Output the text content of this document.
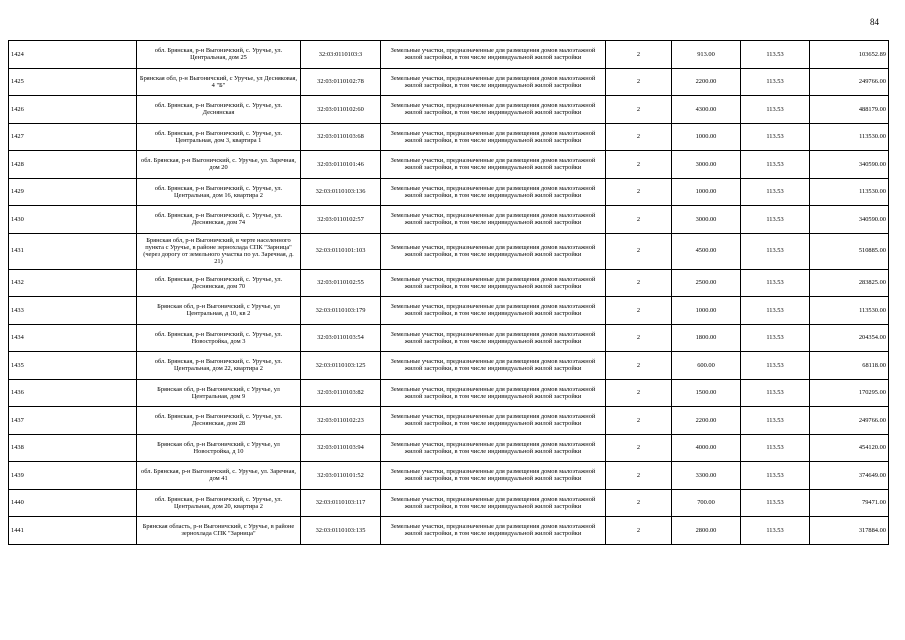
84
1424		обл. Брянская, р-н Выгоничский, с. Уручье, ул. Центральная, дом 25	32:03:0110103:3	Земельные участки, предназначенные для размещения домов малоэтажной жилой застройки, в том числе индивидуальной жилой застройки	2	913.00	113.53	103652.89
1425		Брянская обл, р-н Выгоничский, с Уручье, ул Десняковая, 4 "Б"	32:03:0110102:78	Земельные участки, предназначенные для размещения домов малоэтажной жилой застройки, в том числе индивидуальной жилой застройки	2	2200.00	113.53	249766.00
1426		обл. Брянская, р-н Выгоничский, с. Уручье, ул. Деснянская	32:03:0110102:60	Земельные участки, предназначенные для размещения домов малоэтажной жилой застройки, в том числе индивидуальной жилой застройки	2	4300.00	113.53	488179.00
1427		обл. Брянская, р-н Выгоничский, с. Уручье, ул. Центральная, дом 3, квартира 1	32:03:0110103:68	Земельные участки, предназначенные для размещения домов малоэтажной жилой застройки, в том числе индивидуальной жилой застройки	2	1000.00	113.53	113530.00
1428		обл. Брянская, р-н Выгоничский, с. Уручье, ул. Заречная, дом 20	32:03:0110101:46	Земельные участки, предназначенные для размещения домов малоэтажной жилой застройки, в том числе индивидуальной жилой застройки	2	3000.00	113.53	340590.00
1429		обл. Брянская, р-н Выгоничский, с. Уручье, ул. Центральная, дом 16, квартира 2	32:03:0110103:136	Земельные участки, предназначенные для размещения домов малоэтажной жилой застройки, в том числе индивидуальной жилой застройки	2	1000.00	113.53	113530.00
1430		обл. Брянская, р-н Выгоничский, с. Уручье, ул. Деснянская, дом 74	32:03:0110102:57	Земельные участки, предназначенные для размещения домов малоэтажной жилой застройки, в том числе индивидуальной жилой застройки	2	3000.00	113.53	340590.00
1431		Брянская обл, р-н Выгоничский, в черте населенного пункта с Уручье, в районе зернохлада СПК "Зарница" (через дорогу от земельного участка по ул. Заречная, д. 21)	32:03:0110101:103	Земельные участки, предназначенные для размещения домов малоэтажной жилой застройки, в том числе индивидуальной жилой застройки	2	4500.00	113.53	510885.00
1432		обл. Брянская, р-н Выгоничский, с. Уручье, ул. Деснянская, дом 70	32:03:0110102:55	Земельные участки, предназначенные для размещения домов малоэтажной жилой застройки, в том числе индивидуальной жилой застройки	2	2500.00	113.53	283825.00
1433		Брянская обл, р-н Выгоничский, с Уручье, ул Центральная, д 10, кв 2	32:03:0110103:179	Земельные участки, предназначенные для размещения домов малоэтажной жилой застройки, в том числе индивидуальной жилой застройки	2	1000.00	113.53	113530.00
1434		обл. Брянская, р-н Выгоничский, с. Уручье, ул. Новостройка, дом 3	32:03:0110103:54	Земельные участки, предназначенные для размещения домов малоэтажной жилой застройки, в том числе индивидуальной жилой застройки	2	1800.00	113.53	204354.00
1435		обл. Брянская, р-н Выгоничский, с. Уручье, ул. Центральная, дом 22, квартира 2	32:03:0110103:125	Земельные участки, предназначенные для размещения домов малоэтажной жилой застройки, в том числе индивидуальной жилой застройки	2	600.00	113.53	68118.00
1436		Брянская обл, р-н Выгоничский, с Уручье, ул Центральная, дом 9	32:03:0110103:82	Земельные участки, предназначенные для размещения домов малоэтажной жилой застройки, в том числе индивидуальной жилой застройки	2	1500.00	113.53	170295.00
1437		обл. Брянская, р-н Выгоничский, с. Уручье, ул. Деснянская, дом 28	32:03:0110102:23	Земельные участки, предназначенные для размещения домов малоэтажной жилой застройки, в том числе индивидуальной жилой застройки	2	2200.00	113.53	249766.00
1438		Брянская обл, р-н Выгоничский, с Уручье, ул Новостройка, д 10	32:03:0110103:94	Земельные участки, предназначенные для размещения домов малоэтажной жилой застройки, в том числе индивидуальной жилой застройки	2	4000.00	113.53	454120.00
1439		обл. Брянская, р-н Выгоничский, с. Уручье, ул. Заречная, дом 41	32:03:0110101:52	Земельные участки, предназначенные для размещения домов малоэтажной жилой застройки, в том числе индивидуальной жилой застройки	2	3300.00	113.53	374649.00
1440		обл. Брянская, р-н Выгоничский, с. Уручье, ул. Центральная, дом 20, квартира 2	32:03:0110103:117	Земельные участки, предназначенные для размещения домов малоэтажной жилой застройки, в том числе индивидуальной жилой застройки	2	700.00	113.53	79471.00
1441		Брянская область, р-н Выгоничский, с Уручье, в районе зернохлада СПК "Зарница"	32:03:0110103:135	Земельные участки, предназначенные для размещения домов малоэтажной жилой застройки, в том числе индивидуальной жилой застройки	2	2800.00	113.53	317884.00
